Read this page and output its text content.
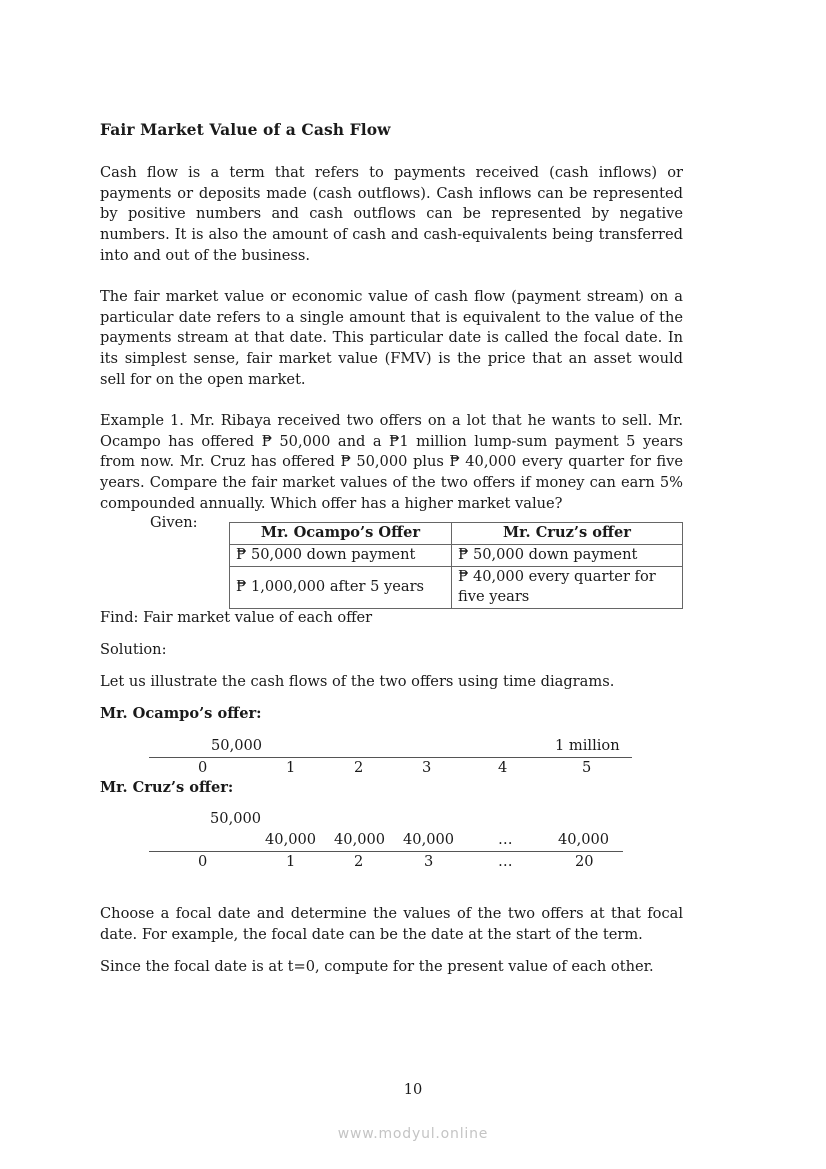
Fair Market Value of a Cash Flow

Cash flow is a term that refers to payments received (cash inflows) or payments or deposits made (cash outflows). Cash inflows can be represented by positive numbers and cash outflows can be represented by negative numbers. It is also the amount of cash and cash-equivalents being transferred into and out of the business.

The fair market value or economic value of cash flow (payment stream) on a particular date refers to a single amount that is equivalent to the value of the payments stream at that date. This particular date is called the focal date. In its simplest sense, fair market value (FMV) is the price that an asset would sell for on the open market.

Example 1. Mr. Ribaya received two offers on a lot that he wants to sell. Mr. Ocampo has offered ₱ 50,000 and a ₱1 million lump-sum payment 5 years from now. Mr. Cruz has offered ₱ 50,000 plus ₱ 40,000 every quarter for five years. Compare the fair market values of the two offers if money can earn 5% compounded annually. Which offer has a higher market value?

Given:
Mr. Ocampo’s Offer	Mr. Cruz’s offer
₱ 50,000 down payment	₱ 50,000 down payment
₱ 1,000,000 after 5 years	₱ 40,000 every quarter for five years

Find: Fair market value of each offer

Solution:

Let us illustrate the cash flows of the two offers using time diagrams.

Mr. Ocampo’s offer:

50,000	1 million
0	1	2	3	4	5

Mr. Cruz’s offer:

50,000
40,000 40,000 40,000	…	40,000
0	1	2	3	…	20

Choose a focal date and determine the values of the two offers at that focal date. For example, the focal date can be the date at the start of the term.

Since the focal date is at t=0, compute for the present value of each other.

10
www.modyul.online
